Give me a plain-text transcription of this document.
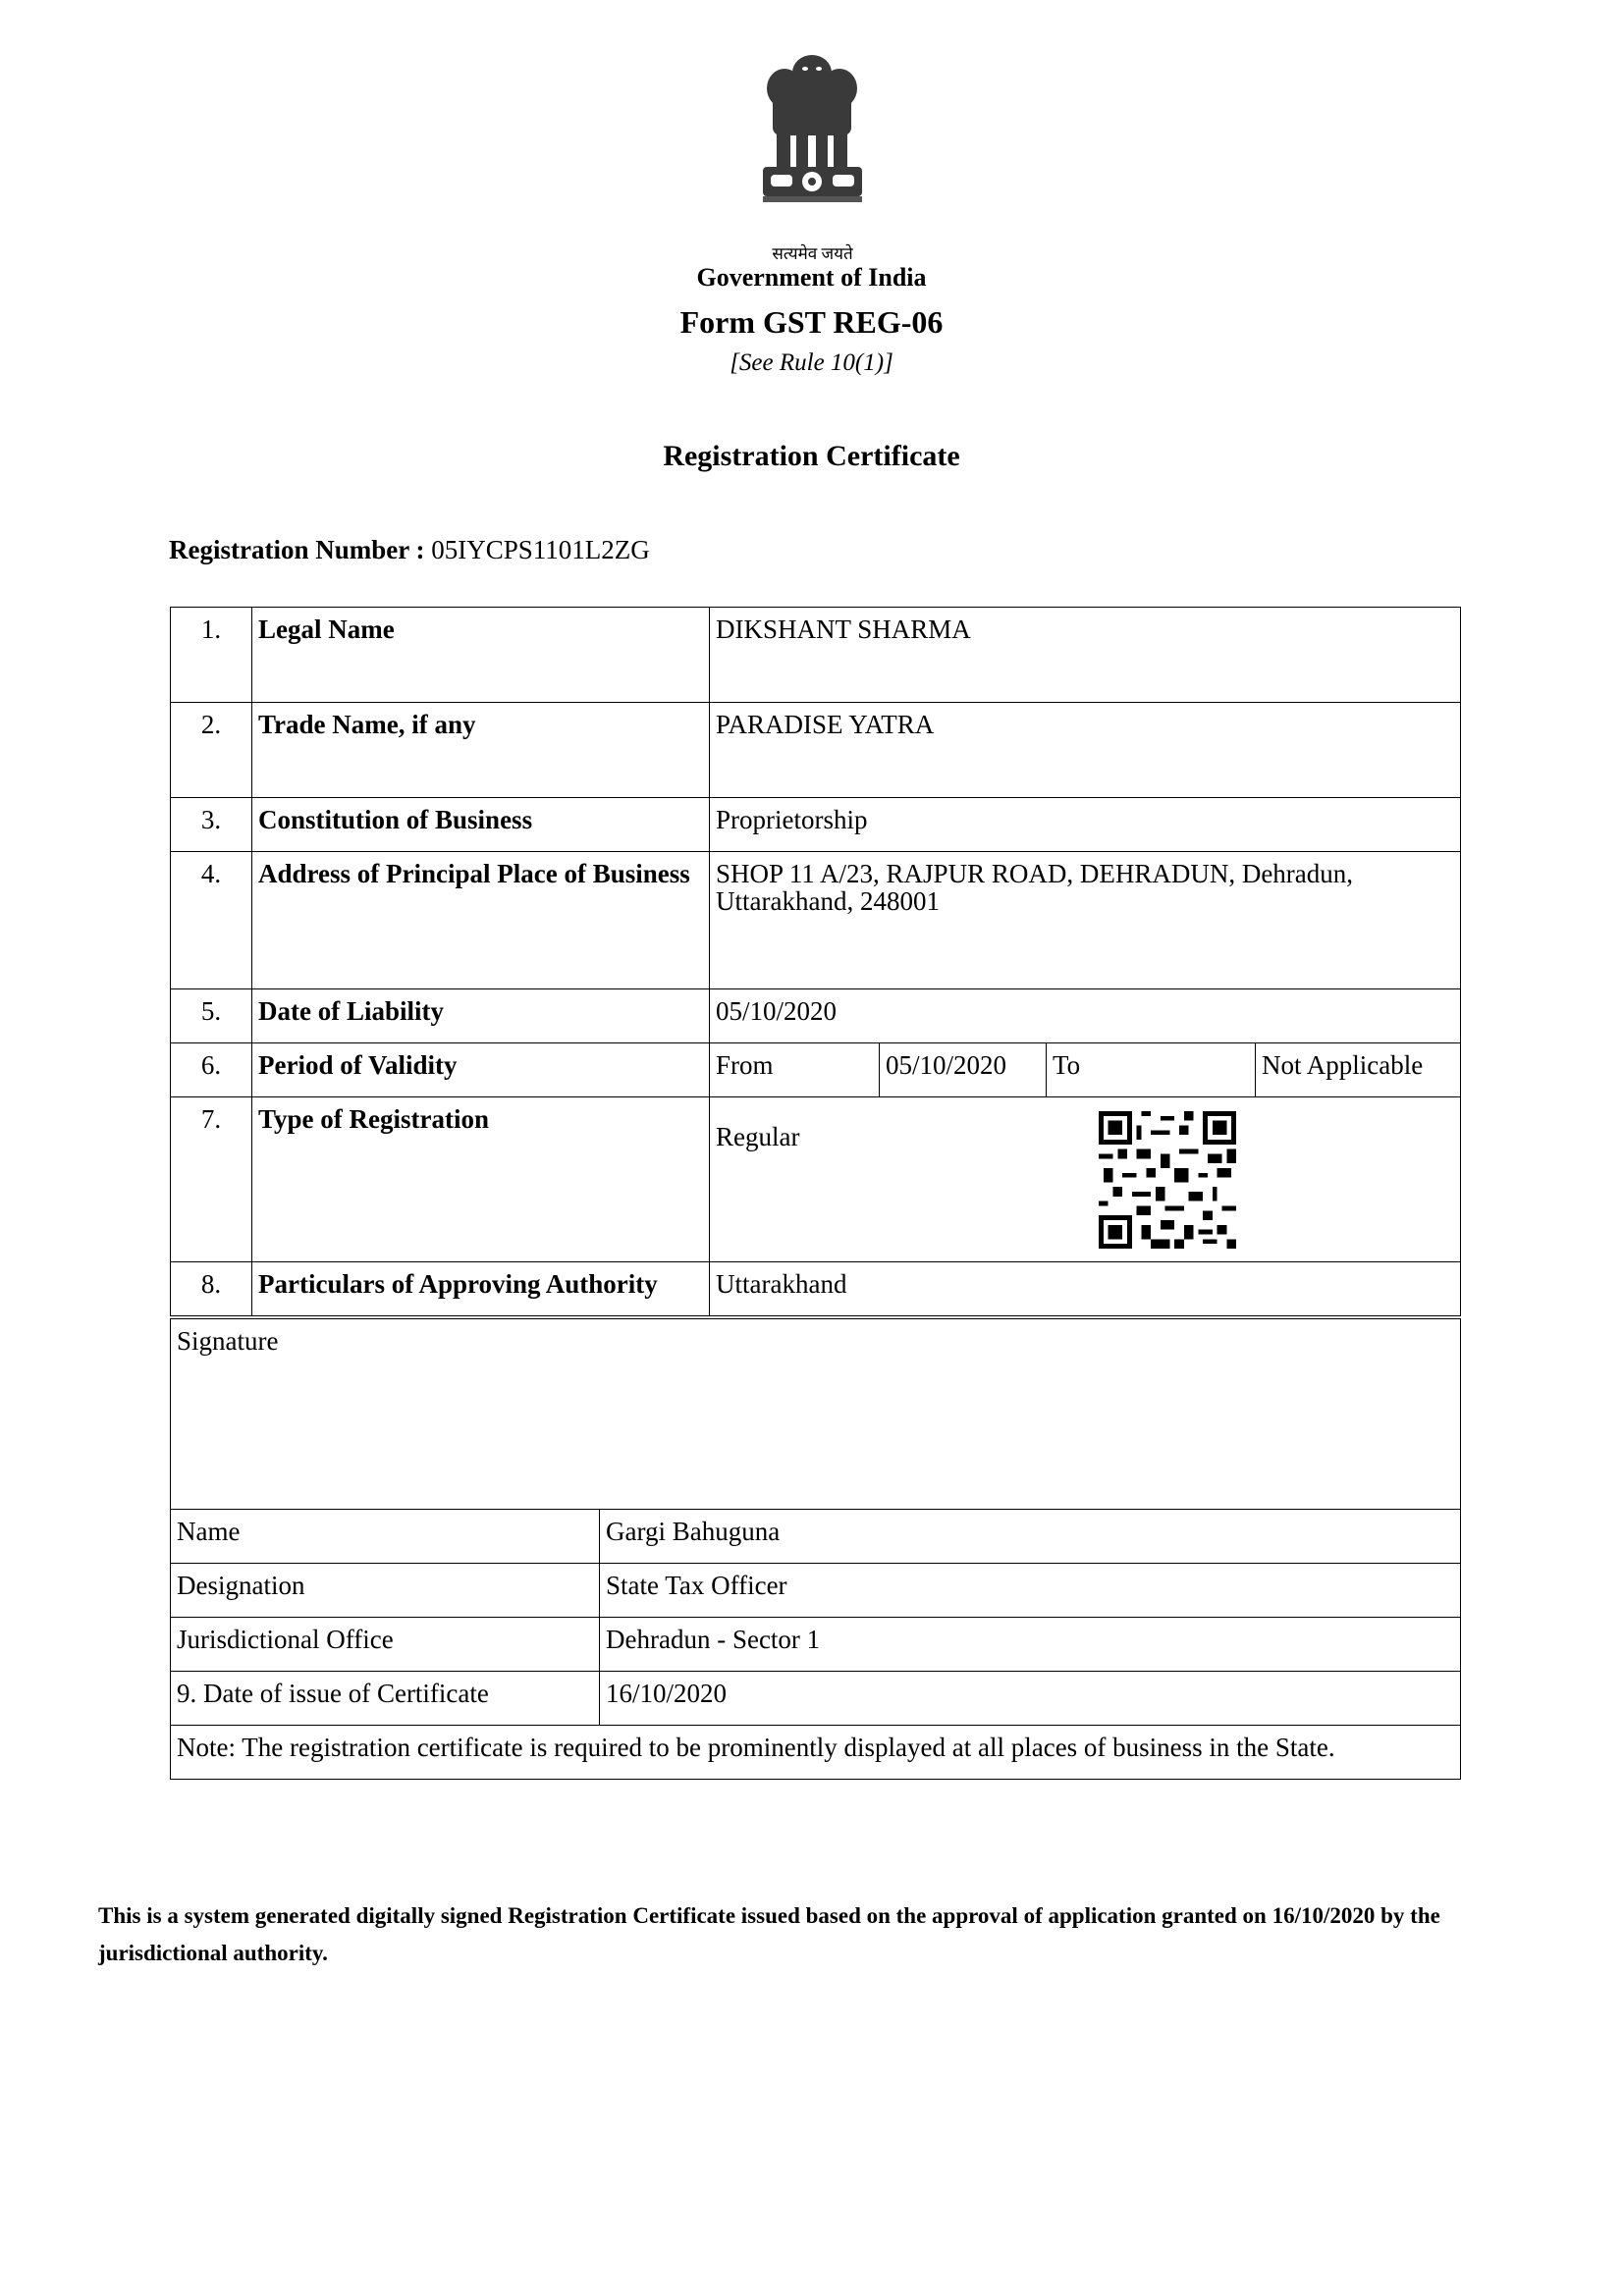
सत्यमेव जयते
Government of India
Form GST REG-06
[See Rule 10(1)]
Registration Certificate
Registration Number : 05IYCPS1101L2ZG
1.	Legal Name	DIKSHANT SHARMA			
2.	Trade Name, if any	PARADISE YATRA			
3.	Constitution of Business	Proprietorship			
4.	Address of Principal Place of Business	SHOP 11 A/23, RAJPUR ROAD, DEHRADUN, Dehradun, Uttarakhand, 248001			
5.	Date of Liability	05/10/2020			
6.	Period of Validity	From	05/10/2020	To	Not Applicable
7.	Type of Registration	Regular			

8.	Particulars of Approving Authority	Uttarakhand			
Signature	
Name	Gargi Bahuguna
Designation	State Tax Officer
Jurisdictional Office	Dehradun - Sector 1
9. Date of issue of Certificate	16/10/2020
Note: The registration certificate is required to be prominently displayed at all places of business in the State.	
This is a system generated digitally signed Registration Certificate issued based on the approval of application granted on 16/10/2020 by the jurisdictional authority.
